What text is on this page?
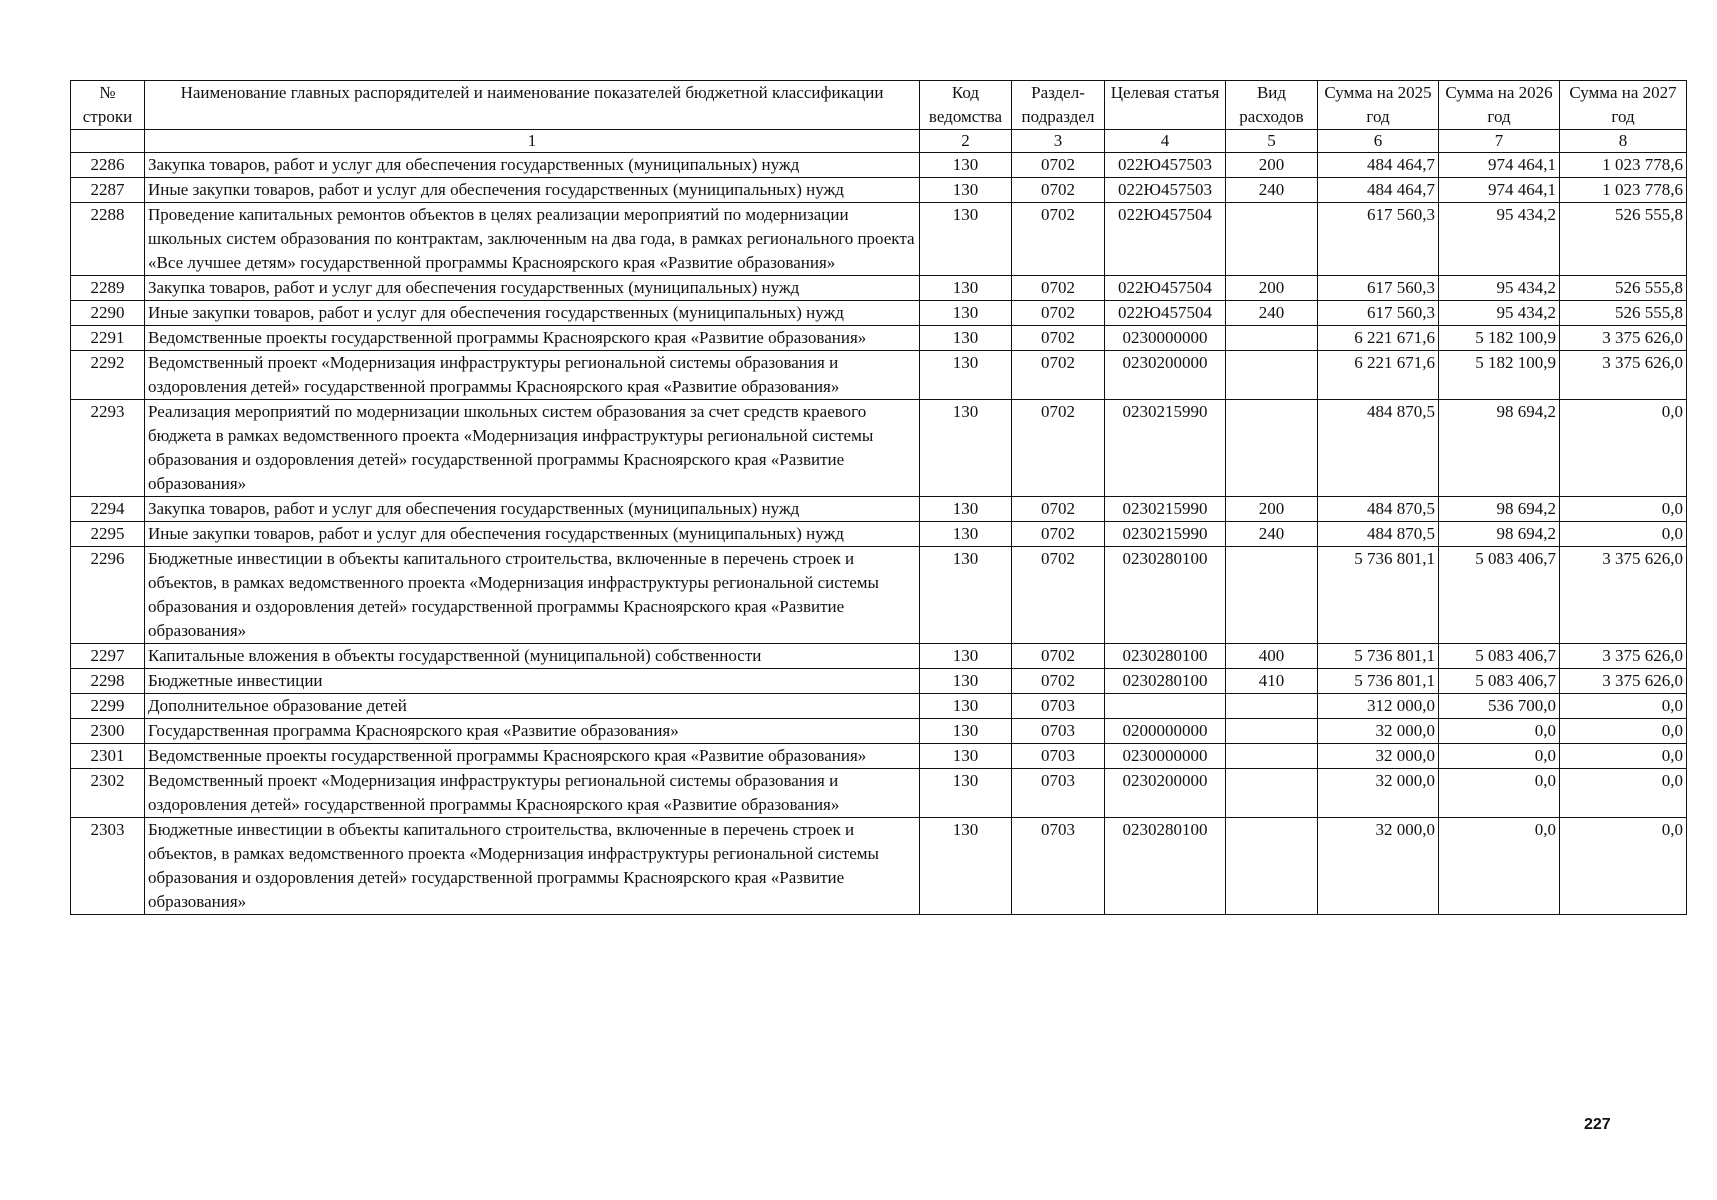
№ строки	Наименование главных распорядителей и наименование показателей бюджетной классификации	Код ведомства	Раздел-подраздел	Целевая статья	Вид расходов	Сумма на 2025 год	Сумма на 2026 год	Сумма на 2027 год
	1	2	3	4	5	6	7	8
2286	Закупка товаров, работ и услуг для обеспечения государственных (муниципальных) нужд	130	0702	022Ю457503	200	484 464,7	974 464,1	1 023 778,6
2287	Иные закупки товаров, работ и услуг для обеспечения государственных (муниципальных) нужд	130	0702	022Ю457503	240	484 464,7	974 464,1	1 023 778,6
2288	Проведение капитальных ремонтов объектов в целях реализации мероприятий по модернизации школьных систем образования по контрактам, заключенным на два года, в рамках регионального проекта «Все лучшее детям» государственной программы Красноярского края «Развитие образования»	130	0702	022Ю457504		617 560,3	95 434,2	526 555,8
2289	Закупка товаров, работ и услуг для обеспечения государственных (муниципальных) нужд	130	0702	022Ю457504	200	617 560,3	95 434,2	526 555,8
2290	Иные закупки товаров, работ и услуг для обеспечения государственных (муниципальных) нужд	130	0702	022Ю457504	240	617 560,3	95 434,2	526 555,8
2291	Ведомственные проекты государственной программы Красноярского края «Развитие образования»	130	0702	0230000000		6 221 671,6	5 182 100,9	3 375 626,0
2292	Ведомственный проект «Модернизация инфраструктуры региональной системы образования и оздоровления детей» государственной программы Красноярского края «Развитие образования»	130	0702	0230200000		6 221 671,6	5 182 100,9	3 375 626,0
2293	Реализация мероприятий по модернизации школьных систем образования за счет средств краевого бюджета в рамках ведомственного проекта «Модернизация инфраструктуры региональной системы образования и оздоровления детей» государственной программы Красноярского края «Развитие образования»	130	0702	0230215990		484 870,5	98 694,2	0,0
2294	Закупка товаров, работ и услуг для обеспечения государственных (муниципальных) нужд	130	0702	0230215990	200	484 870,5	98 694,2	0,0
2295	Иные закупки товаров, работ и услуг для обеспечения государственных (муниципальных) нужд	130	0702	0230215990	240	484 870,5	98 694,2	0,0
2296	Бюджетные инвестиции в объекты капитального строительства, включенные в перечень строек и объектов, в рамках ведомственного проекта «Модернизация инфраструктуры региональной системы образования и оздоровления детей» государственной программы Красноярского края «Развитие образования»	130	0702	0230280100		5 736 801,1	5 083 406,7	3 375 626,0
2297	Капитальные вложения в объекты государственной (муниципальной) собственности	130	0702	0230280100	400	5 736 801,1	5 083 406,7	3 375 626,0
2298	Бюджетные инвестиции	130	0702	0230280100	410	5 736 801,1	5 083 406,7	3 375 626,0
2299	Дополнительное образование детей	130	0703			312 000,0	536 700,0	0,0
2300	Государственная программа Красноярского края «Развитие образования»	130	0703	0200000000		32 000,0	0,0	0,0
2301	Ведомственные проекты государственной программы Красноярского края «Развитие образования»	130	0703	0230000000		32 000,0	0,0	0,0
2302	Ведомственный проект «Модернизация инфраструктуры региональной системы образования и оздоровления детей» государственной программы Красноярского края «Развитие образования»	130	0703	0230200000		32 000,0	0,0	0,0
2303	Бюджетные инвестиции в объекты капитального строительства, включенные в перечень строек и объектов, в рамках ведомственного проекта «Модернизация инфраструктуры региональной системы образования и оздоровления детей» государственной программы Красноярского края «Развитие образования»	130	0703	0230280100		32 000,0	0,0	0,0
227
